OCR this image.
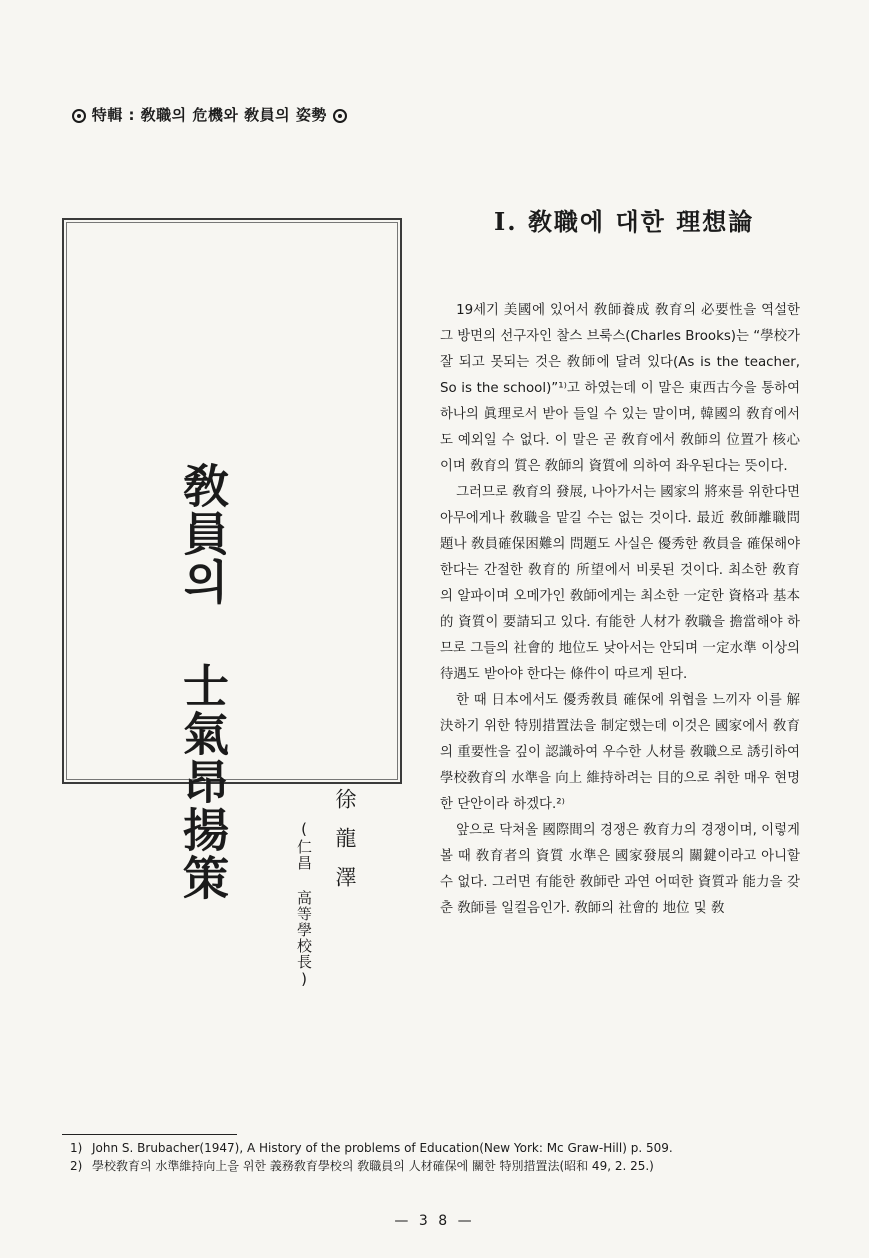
特輯 : 敎職의 危機와 敎員의 姿勢
敎員의 士氣昂揚策	徐龍澤
(仁昌 高等學校長)
Ⅰ. 敎職에 대한 理想論

19세기 美國에 있어서 敎師養成 敎育의 必要性을 역설한 그 방면의 선구자인 찰스 브룩스(Charles Brooks)는 “學校가 잘 되고 못되는 것은 敎師에 달려 있다(As is the teacher, So is the school)”¹⁾고 하였는데 이 말은 東西古今을 통하여 하나의 眞理로서 받아 들일 수 있는 말이며, 韓國의 敎育에서도 예외일 수 없다. 이 말은 곧 敎育에서 敎師의 位置가 核心이며 敎育의 質은 敎師의 資質에 의하여 좌우된다는 뜻이다.

그러므로 敎育의 發展, 나아가서는 國家의 將來를 위한다면 아무에게나 敎職을 맡길 수는 없는 것이다. 最近 敎師離職問題나 敎員確保困難의 問題도 사실은 優秀한 敎員을 確保해야 한다는 간절한 敎育的 所望에서 비롯된 것이다. 최소한 敎育의 알파이며 오메가인 敎師에게는 최소한 一定한 資格과 基本的 資質이 要請되고 있다. 有能한 人材가 敎職을 擔當해야 하므로 그들의 社會的 地位도 낮아서는 안되며 一定水準 이상의 待遇도 받아야 한다는 條件이 따르게 된다.

한 때 日本에서도 優秀敎員 確保에 위협을 느끼자 이를 解決하기 위한 特別措置法을 制定했는데 이것은 國家에서 敎育의 重要性을 깊이 認識하여 우수한 人材를 敎職으로 誘引하여 學校敎育의 水準을 向上 維持하려는 目的으로 취한 매우 현명한 단안이라 하겠다.²⁾

앞으로 닥쳐올 國際間의 경쟁은 敎育力의 경쟁이며, 이렇게 볼 때 敎育者의 資質 水準은 國家發展의 關鍵이라고 아니할 수 없다. 그러면 有能한 敎師란 과연 어떠한 資質과 能力을 갖춘 敎師를 일컬음인가. 敎師의 社會的 地位 및 敎

1) John S. Brubacher(1947), A History of the problems of Education(New York: Mc Graw-Hill) p. 509.
2) 學校敎育의 水準維持向上을 위한 義務敎育學校의 敎職員의 人材確保에 關한 特別措置法(昭和 49, 2. 25.)
— 3 8 —
